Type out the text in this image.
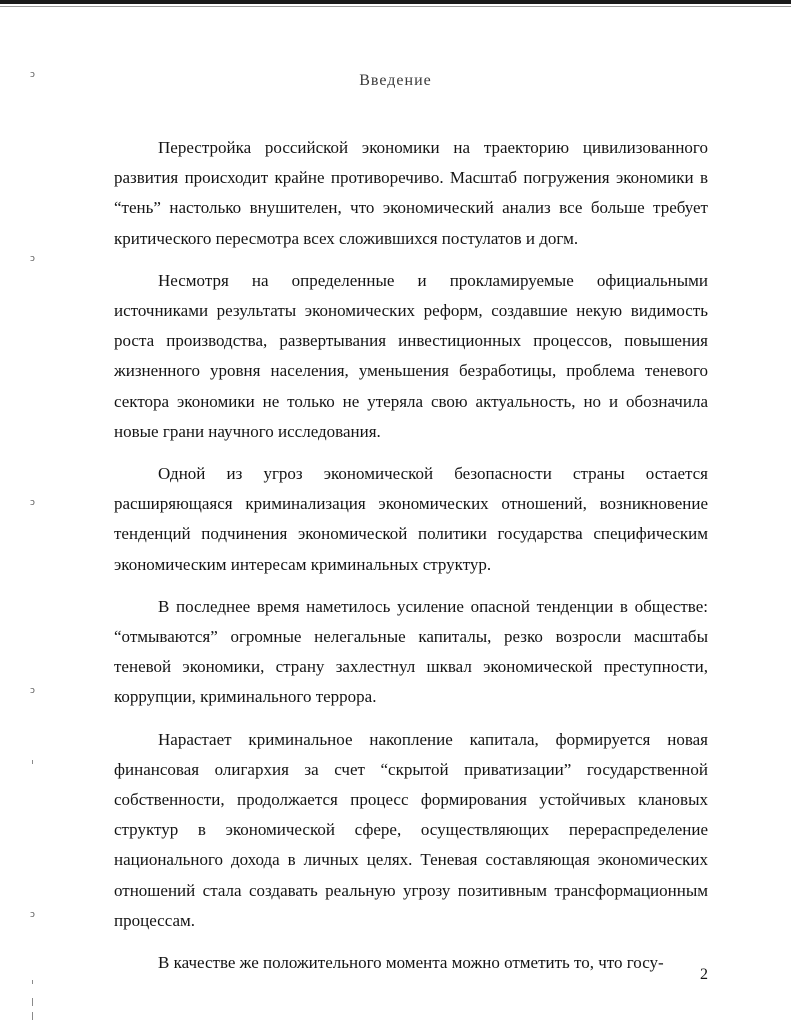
ↄ
ↄ
ↄ
ↄ
ↄ
Введение

Перестройка российской экономики на траекторию цивилизованного развития происходит крайне противоречиво. Масштаб погружения экономики в “тень” настолько внушителен, что экономический анализ все больше требует критического пересмотра всех сложившихся постулатов и догм.

Несмотря на определенные и прокламируемые официальными источниками результаты экономических реформ, создавшие некую видимость роста производства, развертывания инвестиционных процессов, повышения жизненного уровня населения, уменьшения безработицы, проблема теневого сектора экономики не только не утеряла свою актуальность, но и обозначила новые грани научного исследования.

Одной из угроз экономической безопасности страны остается расширяющаяся криминализация экономических отношений, возникновение тенденций подчинения экономической политики государства специфическим экономическим интересам криминальных структур.

В последнее время наметилось усиление опасной тенденции в обществе: “отмываются” огромные нелегальные капиталы, резко возросли масштабы теневой экономики, страну захлестнул шквал экономической преступности, коррупции, криминального террора.

Нарастает криминальное накопление капитала, формируется новая финансовая олигархия за счет “скрытой приватизации” государственной собственности, продолжается процесс формирования устойчивых клановых структур в экономической сфере, осуществляющих перераспределение национального дохода в личных целях. Теневая составляющая экономических отношений стала создавать реальную угрозу позитивным трансформационным процессам.

В качестве же положительного момента можно отметить то, что госу-

2
